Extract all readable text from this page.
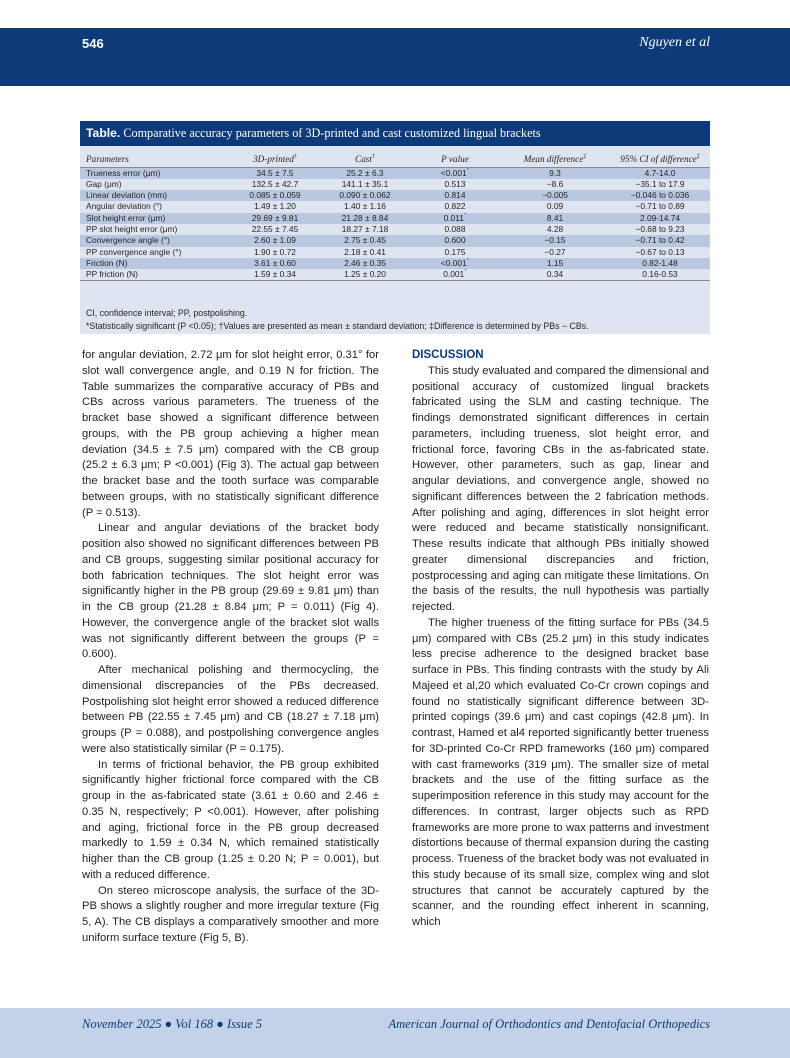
546	Nguyen et al
Table. Comparative accuracy parameters of 3D-printed and cast customized lingual brackets
Parameters	3D-printed†	Cast†	P value	Mean difference‡	95% CI of difference‡
Trueness error (μm)	34.5 ± 7.5	25.2 ± 6.3	<0.001*	9.3	4.7-14.0
Gap (μm)	132.5 ± 42.7	141.1 ± 35.1	0.513	−8.6	−35.1 to 17.9
Linear deviation (mm)	0.085 ± 0.059	0.090 ± 0.062	0.814	−0.005	−0.046 to 0.036
Angular deviation (°)	1.49 ± 1.20	1.40 ± 1.16	0.822	0.09	−0.71 to 0.89
Slot height error (μm)	29.69 ± 9.81	21.28 ± 8.84	0.011*	8.41	2.09-14.74
PP slot height error (μm)	22.55 ± 7.45	18.27 ± 7.18	0.088	4.28	−0.68 to 9.23
Convergence angle (°)	2.60 ± 1.09	2.75 ± 0.45	0.600	−0.15	−0.71 to 0.42
PP convergence angle (°)	1.90 ± 0.72	2.18 ± 0.41	0.175	−0.27	−0.67 to 0.13
Friction (N)	3.61 ± 0.60	2.46 ± 0.35	<0.001*	1.15	0.82-1.48
PP friction (N)	1.59 ± 0.34	1.25 ± 0.20	0.001*	0.34	0.16-0.53
CI, confidence interval; PP, postpolishing.
*Statistically significant (P <0.05); †Values are presented as mean ± standard deviation; ‡Difference is determined by PBs − CBs.

for angular deviation, 2.72 μm for slot height error, 0.31° for slot wall convergence angle, and 0.19 N for friction. The Table summarizes the comparative accuracy of PBs and CBs across various parameters. The trueness of the bracket base showed a significant difference between groups, with the PB group achieving a higher mean deviation (34.5 ± 7.5 μm) compared with the CB group (25.2 ± 6.3 μm; P <0.001) (Fig 3). The actual gap between the bracket base and the tooth surface was comparable between groups, with no statistically significant difference (P = 0.513).

Linear and angular deviations of the bracket body position also showed no significant differences between PB and CB groups, suggesting similar positional accuracy for both fabrication techniques. The slot height error was significantly higher in the PB group (29.69 ± 9.81 μm) than in the CB group (21.28 ± 8.84 μm; P = 0.011) (Fig 4). However, the convergence angle of the bracket slot walls was not significantly different between the groups (P = 0.600).

After mechanical polishing and thermocycling, the dimensional discrepancies of the PBs decreased. Postpolishing slot height error showed a reduced difference between PB (22.55 ± 7.45 μm) and CB (18.27 ± 7.18 μm) groups (P = 0.088), and postpolishing convergence angles were also statistically similar (P = 0.175).

In terms of frictional behavior, the PB group exhibited significantly higher frictional force compared with the CB group in the as-fabricated state (3.61 ± 0.60 and 2.46 ± 0.35 N, respectively; P <0.001). However, after polishing and aging, frictional force in the PB group decreased markedly to 1.59 ± 0.34 N, which remained statistically higher than the CB group (1.25 ± 0.20 N; P = 0.001), but with a reduced difference.

On stereo microscope analysis, the surface of the 3D-PB shows a slightly rougher and more irregular texture (Fig 5, A). The CB displays a comparatively smoother and more uniform surface texture (Fig 5, B).

DISCUSSION

This study evaluated and compared the dimensional and positional accuracy of customized lingual brackets fabricated using the SLM and casting technique. The findings demonstrated significant differences in certain parameters, including trueness, slot height error, and frictional force, favoring CBs in the as-fabricated state. However, other parameters, such as gap, linear and angular deviations, and convergence angle, showed no significant differences between the 2 fabrication methods. After polishing and aging, differences in slot height error were reduced and became statistically nonsignificant. These results indicate that although PBs initially showed greater dimensional discrepancies and friction, postprocessing and aging can mitigate these limitations. On the basis of the results, the null hypothesis was partially rejected.

The higher trueness of the fitting surface for PBs (34.5 μm) compared with CBs (25.2 μm) in this study indicates less precise adherence to the designed bracket base surface in PBs. This finding contrasts with the study by Ali Majeed et al,20 which evaluated Co-Cr crown copings and found no statistically significant difference between 3D-printed copings (39.6 μm) and cast copings (42.8 μm). In contrast, Hamed et al4 reported significantly better trueness for 3D-printed Co-Cr RPD frameworks (160 μm) compared with cast frameworks (319 μm). The smaller size of metal brackets and the use of the fitting surface as the superimposition reference in this study may account for the differences. In contrast, larger objects such as RPD frameworks are more prone to wax patterns and investment distortions because of thermal expansion during the casting process. Trueness of the bracket body was not evaluated in this study because of its small size, complex wing and slot structures that cannot be accurately captured by the scanner, and the rounding effect inherent in scanning, which

November 2025 ● Vol 168 ● Issue 5	American Journal of Orthodontics and Dentofacial Orthopedics
